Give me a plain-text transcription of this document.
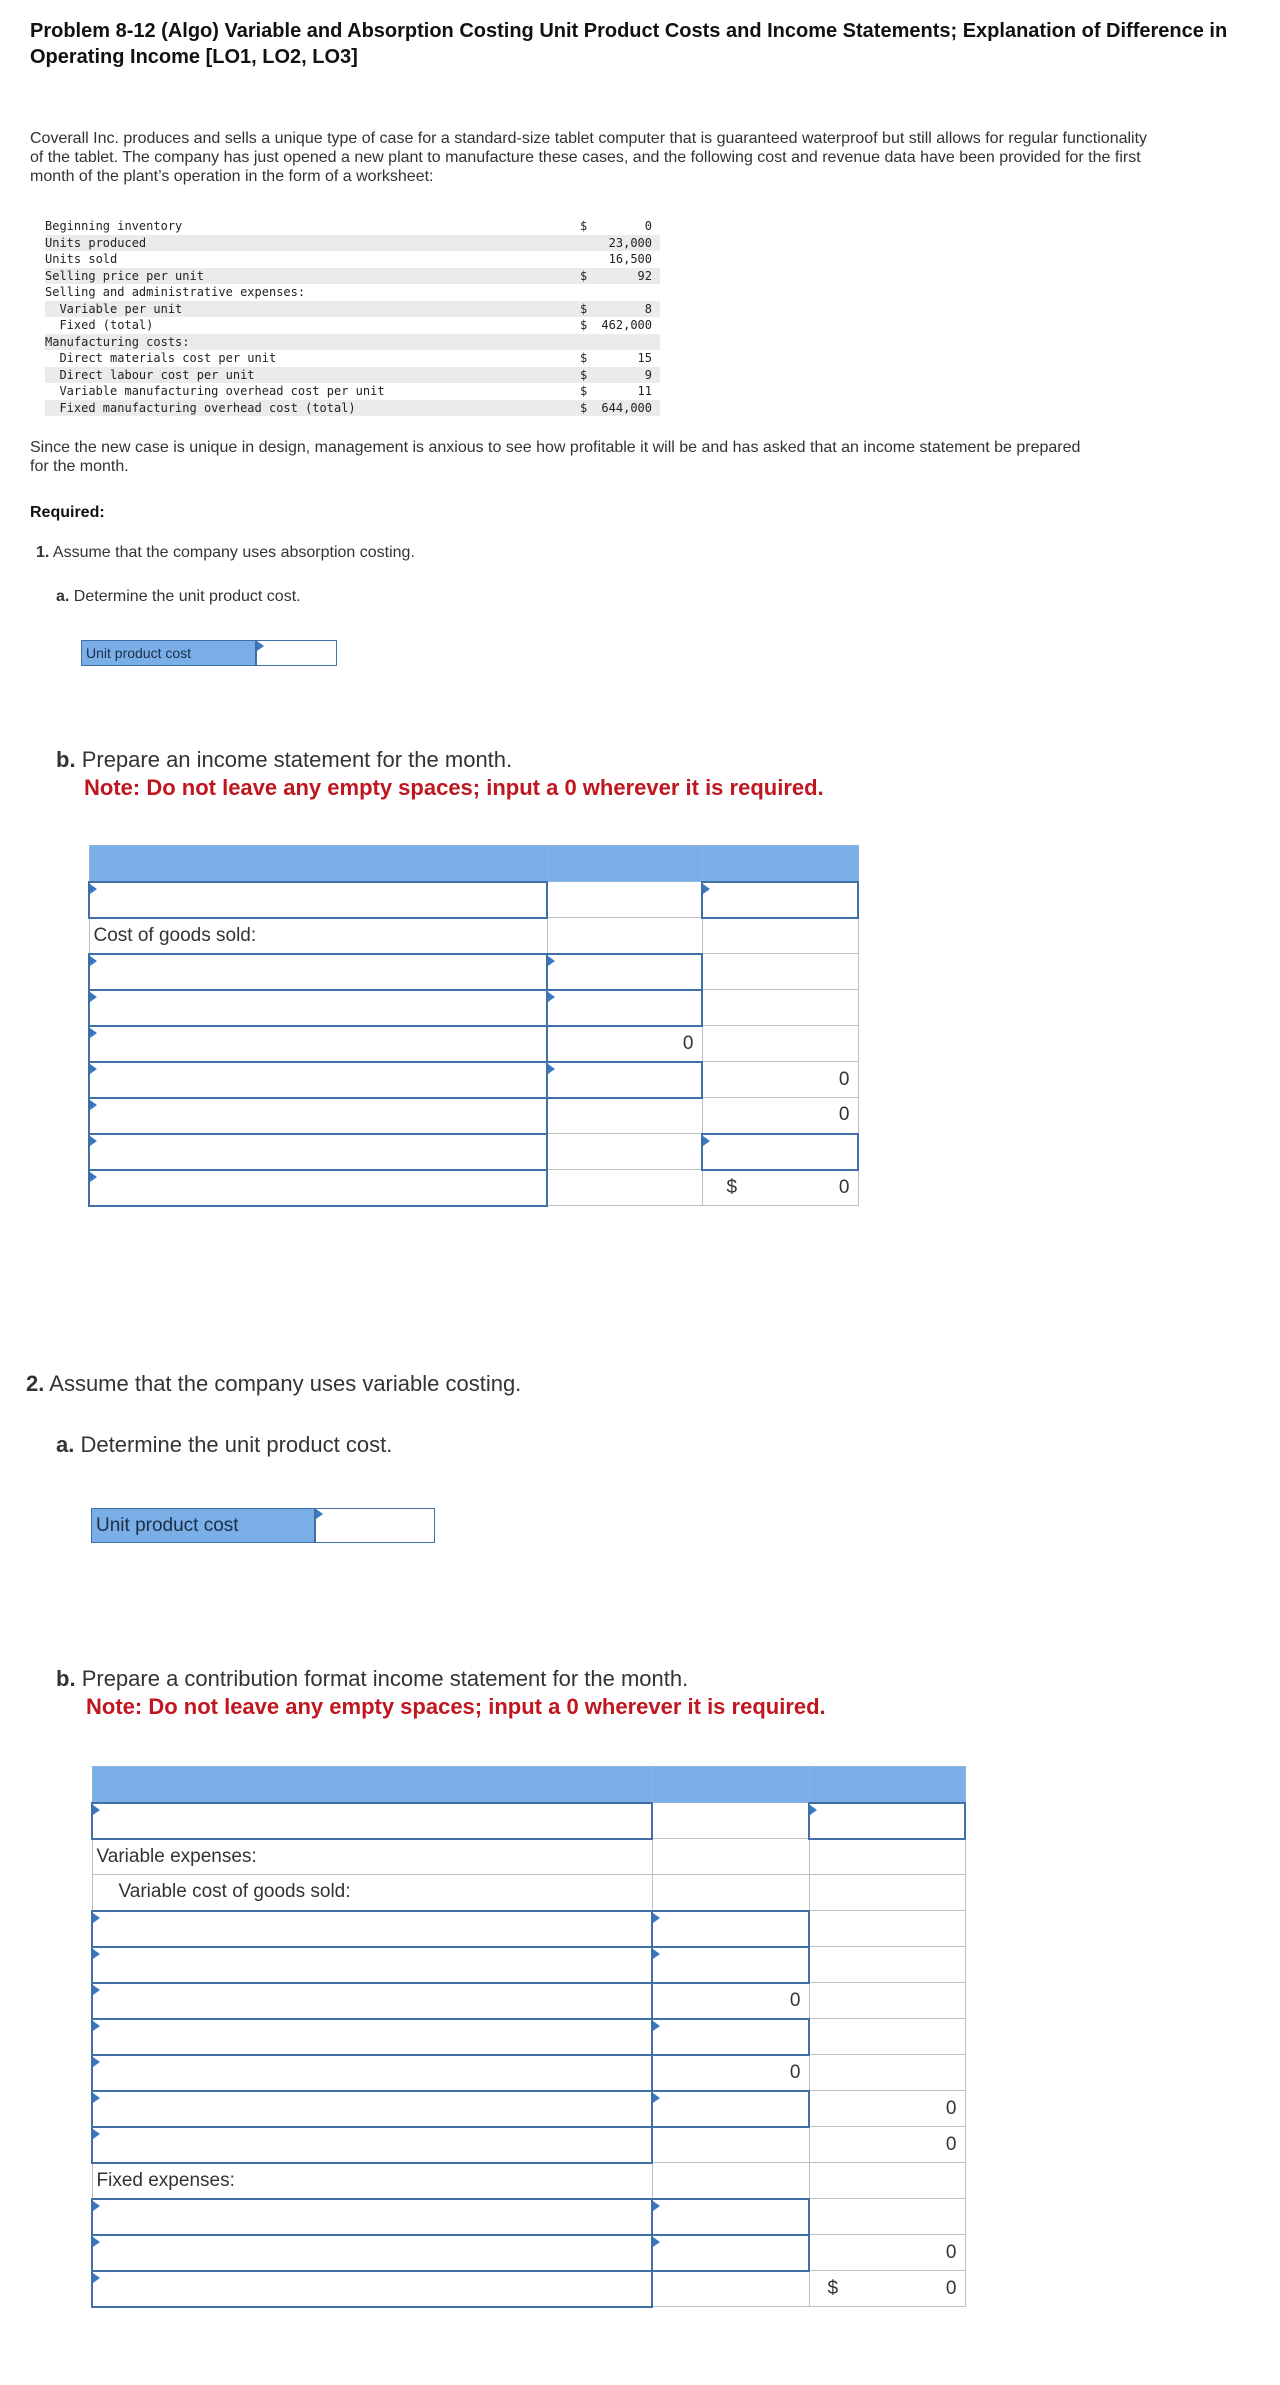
Problem 8-12 (Algo) Variable and Absorption Costing Unit Product Costs and Income Statements; Explanation of Difference in Operating Income [LO1, LO2, LO3]
Coverall Inc. produces and sells a unique type of case for a standard-size tablet computer that is guaranteed waterproof but still allows for regular functionality of the tablet. The company has just opened a new plant to manufacture these cases, and the following cost and revenue data have been provided for the first month of the plant’s operation in the form of a worksheet:
Beginning inventory	$	0
Units produced	23,000
Units sold	16,500
Selling price per unit	$	92
Selling and administrative expenses:
Variable per unit	$	8
Fixed (total)	$ 462,000
Manufacturing costs:
Direct materials cost per unit	$	15
Direct labour cost per unit	$	9
Variable manufacturing overhead cost per unit	$	11
Fixed manufacturing overhead cost (total)	$ 644,000
Since the new case is unique in design, management is anxious to see how profitable it will be and has asked that an income statement be prepared for the month.
Required:
1. Assume that the company uses absorption costing.
a. Determine the unit product cost.
Unit product cost
b. Prepare an income statement for the month.
Note: Do not leave any empty spaces; input a 0 wherever it is required.

Cost of goods sold:		

	0	

		0

		0

		$ 0
2. Assume that the company uses variable costing.
a. Determine the unit product cost.
Unit product cost
b. Prepare a contribution format income statement for the month.
Note: Do not leave any empty spaces; input a 0 wherever it is required.

Variable expenses:		

Variable cost of goods sold:		

	0	

	0	

		0

		0

Fixed expenses:		

		0

		$ 0
